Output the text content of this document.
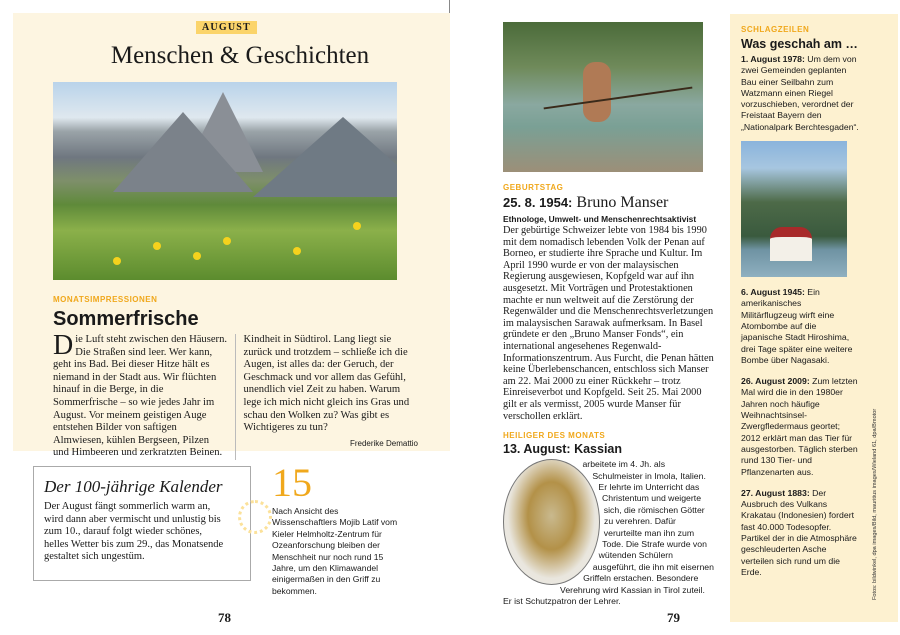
AUGUST
Menschen & Geschichten
MONATSIMPRESSIONEN
Sommerfrische
Die Luft steht zwischen den Häusern. Die Straßen sind leer. Wer kann, geht ins Bad. Bei dieser Hitze hält es niemand in der Stadt aus. Wir flüchten hinauf in die Berge, in die Sommerfrische – so wie jedes Jahr im August. Vor meinem geistigen Auge entstehen Bilder von saftigen Almwiesen, kühlen Bergseen, Pilzen und Himbeeren und zerkratzten Beinen. Kindheit in Südtirol. Lang liegt sie zurück und trotzdem – schließe ich die Augen, ist alles da: der Geruch, der Geschmack und vor allem das Gefühl, unendlich viel Zeit zu haben. Warum lege ich mich nicht gleich ins Gras und schau den Wolken zu? Was gibt es Wichtigeres zu tun?
Frederike Demattio
Der 100-jährige Kalender

Der August fängt sommerlich warm an, wird dann aber vermischt und unlustig bis zum 10., darauf folgt wieder schönes, helles Wetter bis zum 29., das Monatsende gestaltet sich ungestüm.

15
Nach Ansicht des Wissenschaftlers Mojib Latif vom Kieler Helmholtz-Zentrum für Ozeanforschung bleiben der Menschheit nur noch rund 15 Jahre, um den Klimawandel einigermaßen in den Griff zu bekommen.
78
GEBURTSTAG
25. 8. 1954: Bruno Manser
Ethnologe, Umwelt- und Menschenrechtsaktivist
Der gebürtige Schweizer lebte von 1984 bis 1990 mit dem nomadisch lebenden Volk der Penan auf Borneo, er studierte ihre Sprache und Kultur. Im April 1990 wurde er von der malaysischen Regierung ausgewiesen, Kopfgeld war auf ihn ausgesetzt. Mit Vorträgen und Protestaktionen machte er nun weltweit auf die Zerstörung der Regenwälder und die Menschenrechtsverletzungen im malaysischen Sarawak aufmerksam. In Basel gründete er den „Bruno Manser Fonds“, ein international angesehenes Regenwald-Informationszentrum. Aus Furcht, die Penan hätten keine Überlebenschancen, entschloss sich Manser am 22. Mai 2000 zu einer Rückkehr – trotz Einreiseverbot und Kopfgeld. Seit 25. Mai 2000 gilt er als vermisst, 2005 wurde Manser für verschollen erklärt.
HEILIGER DES MONATS
13. August: Kassian
arbeitete im 4. Jh. als Schulmeister in Imola, Italien. Er lehrte im Unterricht das Christentum und weigerte sich, die römischen Götter zu verehren. Dafür verurteilte man ihn zum Tode. Die Strafe wurde von wütenden Schülern ausgeführt, die ihn mit eisernen Griffeln erstachen. Besondere Verehrung wird Kassian in Tirol zuteil. Er ist Schutzpatron der Lehrer.
79
SCHLAGZEILEN
Was geschah am …
1. August 1978: Um dem von zwei Gemeinden geplanten Bau einer Seilbahn zum Watzmann einen Riegel vorzuschieben, verordnet der Freistaat Bayern den „Nationalpark Berchtesgaden“.
6. August 1945: Ein amerikanisches Militärflugzeug wirft eine Atombombe auf die japanische Stadt Hiroshima, drei Tage später eine weitere Bombe über Nagasaki.
26. August 2009: Zum letzten Mal wird die in den 1980er Jahren noch häufige Weihnachtsinsel-Zwergfledermaus geortet; 2012 erklärt man das Tier für ausgestorben. Täglich sterben rund 130 Tier- und Pflanzenarten aus.
27. August 1883: Der Ausbruch des Vulkans Krakatau (Indonesien) fordert fast 40.000 Todesopfer. Partikel der in die Atmosphäre geschleuderten Asche verteilen sich rund um die Erde.	Fotos: bildwinkel, dpa images/Bild, mauritius images/Wieland 61, dpa/Bmotor
